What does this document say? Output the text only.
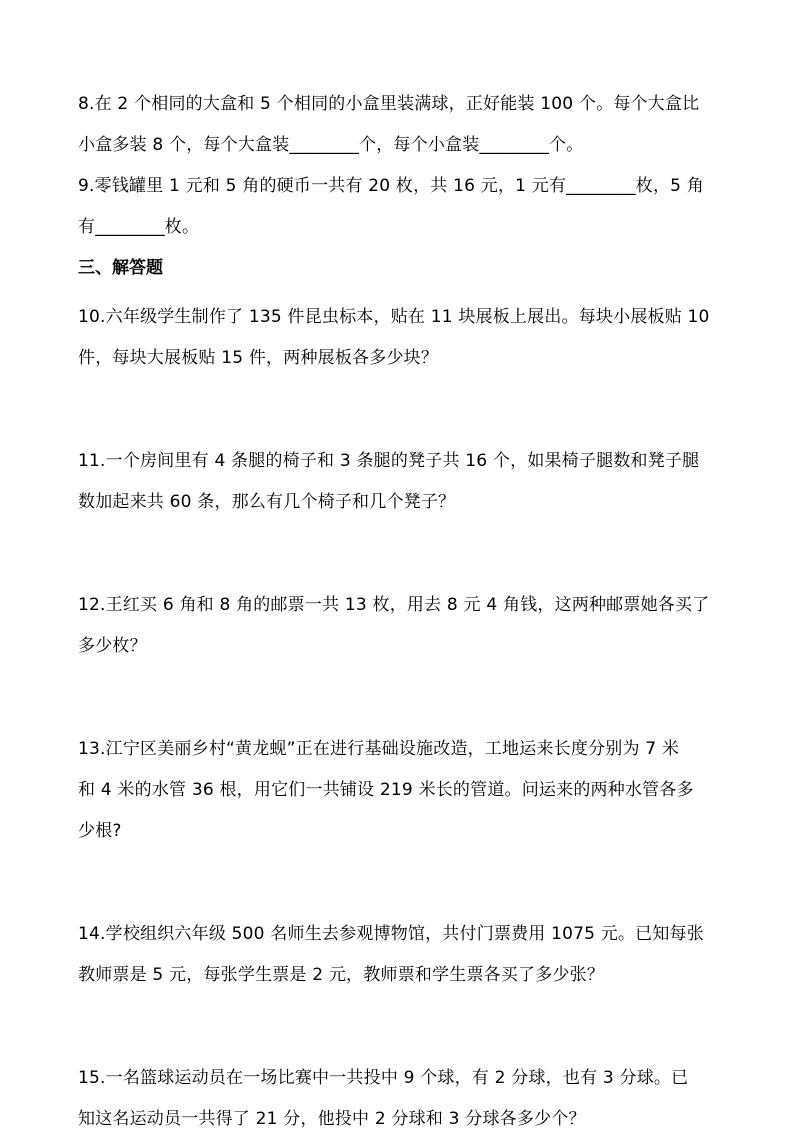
8.在 2 个相同的大盒和 5 个相同的小盒里装满球，正好能装 100 个。每个大盒比

小盒多装 8 个，每个大盒装________个，每个小盒装________个。

9.零钱罐里 1 元和 5 角的硬币一共有 20 枚，共 16 元，1 元有________枚，5 角

有________枚。

三、解答题

10.六年级学生制作了 135 件昆虫标本，贴在 11 块展板上展出。每块小展板贴 10

件，每块大展板贴 15 件，两种展板各多少块？

11.一个房间里有 4 条腿的椅子和 3 条腿的凳子共 16 个，如果椅子腿数和凳子腿

数加起来共 60 条，那么有几个椅子和几个凳子？

12.王红买 6 角和 8 角的邮票一共 13 枚，用去 8 元 4 角钱，这两种邮票她各买了

多少枚？

13.江宁区美丽乡村“黄龙蚬”正在进行基础设施改造，工地运来长度分别为 7 米

和 4 米的水管 36 根，用它们一共铺设 219 米长的管道。问运来的两种水管各多

少根?

14.学校组织六年级 500 名师生去参观博物馆，共付门票费用 1075 元。已知每张

教师票是 5 元，每张学生票是 2 元，教师票和学生票各买了多少张？

15.一名篮球运动员在一场比赛中一共投中 9 个球，有 2 分球，也有 3 分球。已

知这名运动员一共得了 21 分，他投中 2 分球和 3 分球各多少个？
